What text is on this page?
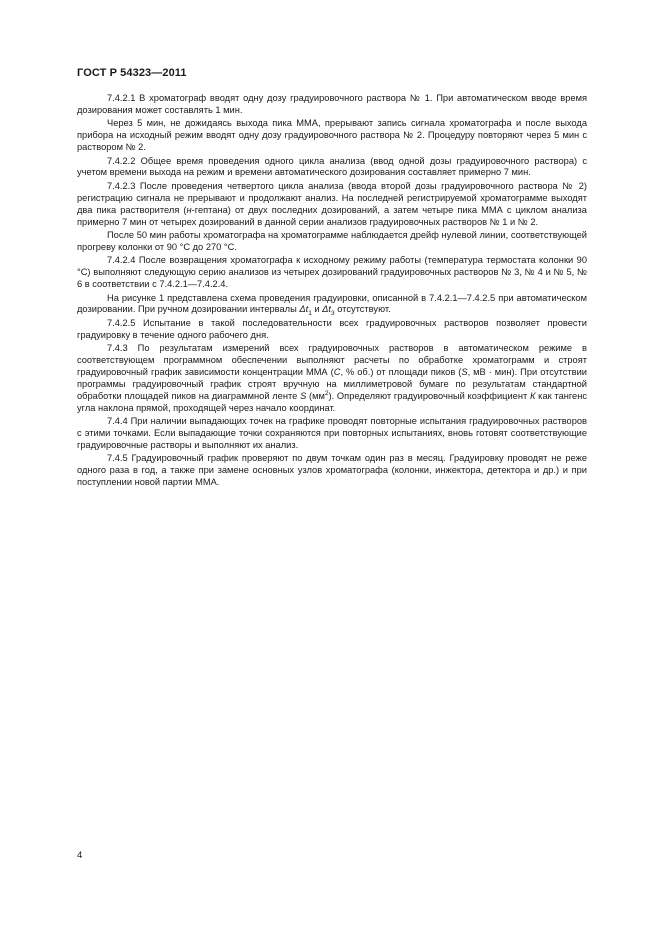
ГОСТ Р 54323—2011

7.4.2.1 В хроматограф вводят одну дозу градуировочного раствора № 1. При автоматическом вводе время дозирования может составлять 1 мин.

Через 5 мин, не дожидаясь выхода пика ММА, прерывают запись сигнала хроматографа и после выхода прибора на исходный режим вводят одну дозу градуировочного раствора № 2. Процедуру повторяют через 5 мин с раствором № 2.

7.4.2.2 Общее время проведения одного цикла анализа (ввод одной дозы градуировочного раствора) с учетом времени выхода на режим и времени автоматического дозирования составляет примерно 7 мин.

7.4.2.3 После проведения четвертого цикла анализа (ввода второй дозы градуировочного раствора № 2) регистрацию сигнала не прерывают и продолжают анализ. На последней регистрируемой хроматограмме выходят два пика растворителя (н-гептана) от двух последних дозирований, а затем четыре пика ММА с циклом анализа примерно 7 мин от четырех дозирований в данной серии анализов градуировочных растворов № 1 и № 2.

После 50 мин работы хроматографа на хроматограмме наблюдается дрейф нулевой линии, соответствующей прогреву колонки от 90 °С до 270 °С.

7.4.2.4 После возвращения хроматографа к исходному режиму работы (температура термостата колонки 90 °С) выполняют следующую серию анализов из четырех дозирований градуировочных растворов № 3, № 4 и № 5, № 6 в соответствии с 7.4.2.1—7.4.2.4.

На рисунке 1 представлена схема проведения градуировки, описанной в 7.4.2.1—7.4.2.5 при автоматическом дозировании. При ручном дозировании интервалы $\Delta t_1$ и $\Delta t_3$ отсутствуют.

7.4.2.5 Испытание в такой последовательности всех градуировочных растворов позволяет провести градуировку в течение одного рабочего дня.

7.4.3 По результатам измерений всех градуировочных растворов в автоматическом режиме в соответствующем программном обеспечении выполняют расчеты по обработке хроматограмм и строят градуировочный график зависимости концентрации ММА (С, % об.) от площади пиков (S, мВ · мин). При отсутствии программы градуировочный график строят вручную на миллиметровой бумаге по результатам стандартной обработки площадей пиков на диаграммной ленте S $(мм^2)$. Определяют градуировочный коэффициент К как тангенс угла наклона прямой, проходящей через начало координат.

7.4.4 При наличии выпадающих точек на графике проводят повторные испытания градуировочных растворов с этими точками. Если выпадающие точки сохраняются при повторных испытаниях, вновь готовят соответствующие градуировочные растворы и выполняют их анализ.

7.4.5 Градуировочный график проверяют по двум точкам один раз в месяц. Градуировку проводят не реже одного раза в год, а также при замене основных узлов хроматографа (колонки, инжектора, детектора и др.) и при поступлении новой партии ММА.

4
